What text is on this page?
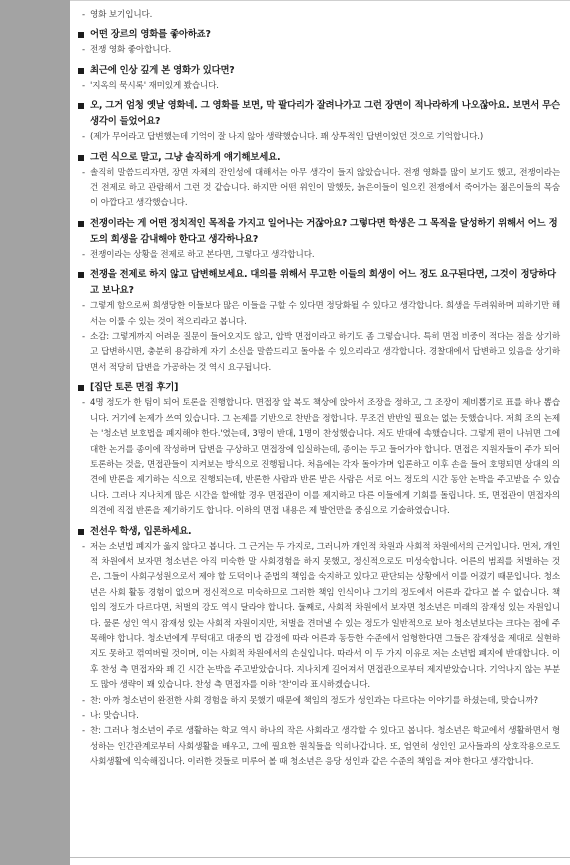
- 영화 보기입니다.
어떤 장르의 영화를 좋아하죠?
- 전쟁 영화 좋아합니다.
최근에 인상 깊게 본 영화가 있다면?
- '지옥의 묵시록' 재미있게 봤습니다.
오, 그거 엄청 옛날 영화네. 그 영화를 보면, 막 팔다리가 잘려나가고 그런 장면이 적나라하게 나오잖아요. 보면서 무슨 생각이 들었어요?
- (제가 무어라고 답변했는데 기억이 잘 나지 않아 생략했습니다. 꽤 상투적인 답변이었던 것으로 기억합니다.)
그런 식으로 말고, 그냥 솔직하게 얘기해보세요.
- 솔직히 말씀드리자면, 장면 자체의 잔인성에 대해서는 아무 생각이 들지 않았습니다. 전쟁 영화를 많이 보기도 했고, 전쟁이라는 건 전제로 하고 관람해서 그런 것 같습니다. 하지만 어떤 위인이 말했듯, 늙은이들이 일으킨 전쟁에서 죽어가는 젊은이들의 목숨이 아깝다고 생각했습니다.
전쟁이라는 게 어떤 정치적인 목적을 가지고 일어나는 거잖아요? 그렇다면 학생은 그 목적을 달성하기 위해서 어느 정도의 희생을 감내해야 한다고 생각하나요?
- 전쟁이라는 상황을 전제로 하고 본다면, 그렇다고 생각합니다.
전쟁을 전제로 하지 않고 답변해보세요. 대의를 위해서 무고한 이들의 희생이 어느 정도 요구된다면, 그것이 정당하다고 보나요?
- 그렇게 함으로써 희생당한 이들보다 많은 이들을 구할 수 있다면 정당화될 수 있다고 생각합니다. 희생을 두려워하며 피하기만 해서는 이룰 수 있는 것이 적으리라고 봅니다.
- 소감: 그렇게까지 어려운 질문이 들어오지도 않고, 압박 면접이라고 하기도 좀 그렇습니다. 특히 면접 비중이 적다는 점을 상기하고 답변하시면, 충분히 용감하게 자기 소신을 말씀드리고 돌아올 수 있으리라고 생각합니다. 경찰대에서 답변하고 있음을 상기하면서 적당히 답변을 가공하는 것 역시 요구됩니다.
[집단 토론 면접 후기]
- 4명 정도가 한 팀이 되어 토론을 진행합니다. 면접장 앞 복도 책상에 앉아서 조장을 정하고, 그 조장이 제비뽑기로 표를 하나 뽑습니다. 거기에 논제가 쓰여 있습니다. 그 논제를 기반으로 찬반을 정합니다. 무조건 반반일 필요는 없는 듯했습니다. 저희 조의 논제는 '청소년 보호법을 폐지해야 한다.'였는데, 3명이 반대, 1명이 찬성했습니다. 저도 반대에 속했습니다. 그렇게 편이 나뉘면 그에 대한 논거를 종이에 작성하며 답변을 구상하고 면접장에 입실하는데, 종이는 두고 들어가야 합니다. 면접은 지원자들이 주가 되어 토론하는 것을, 면접관들이 지켜보는 방식으로 진행됩니다. 처음에는 각자 돌아가며 입론하고 이후 손을 들어 호명되면 상대의 의견에 반론을 제기하는 식으로 진행되는데, 반론한 사람과 반론 받은 사람은 서로 어느 정도의 시간 동안 논박을 주고받을 수 있습니다. 그러나 지나치게 많은 시간을 할애할 경우 면접관이 이를 제지하고 다른 이들에게 기회를 돌립니다. 또, 면접관이 면접자의 의견에 직접 반론을 제기하기도 합니다. 이하의 면접 내용은 제 발언만을 중심으로 기술하였습니다.
전선우 학생, 입론하세요.
- 저는 소년법 폐지가 옳지 않다고 봅니다. 그 근거는 두 가지로, 그러니까 개인적 차원과 사회적 차원에서의 근거입니다. 먼저, 개인적 차원에서 보자면 청소년은 아직 미숙한 말 사회경험을 하지 못했고, 정신적으로도 미성숙합니다. 어른의 범죄를 처벌하는 것은, 그들이 사회구성원으로서 제야 할 도덕이나 준법의 책임을 숙지하고 있다고 판단되는 상황에서 이를 어겼기 때문입니다. 청소년은 사회 활동 경험이 없으며 정신적으로 미숙하므로 그러한 책임 인식이나 그기의 정도에서 어른과 같다고 볼 수 없습니다. 책임의 정도가 다르다면, 처벌의 강도 역시 달라야 합니다. 둘째로, 사회적 차원에서 보자면 청소년은 미래의 잠재성 있는 자원입니다. 물론 성인 역시 잠재성 있는 사회적 자원이지만, 처벌을 견뎌낼 수 있는 정도가 일반적으로 보아 청소년보다는 크다는 점에 주목해야 합니다. 청소년에게 무턱대고 대중의 법 감정에 따라 어른과 동등한 수준에서 엄형한다면 그들은 잠재성을 제대로 실현하지도 못하고 꺾여버릴 것이며, 이는 사회적 차원에서의 손실입니다. 따라서 이 두 가지 이유로 저는 소년법 폐지에 반대합니다. 이후 찬성 측 면접자와 꽤 긴 시간 논박을 주고받았습니다. 지나치게 길어져서 면접관으로부터 제지받았습니다. 기억나지 않는 부분도 많아 생략이 꽤 있습니다. 찬성 측 면접자를 이하 '찬'이라 표시하겠습니다.
- 찬: 아까 청소년이 완전한 사회 경험을 하지 못했기 때문에 책임의 정도가 성인과는 다르다는 이야기를 하셨는데, 맞습니까?
- 나: 맞습니다.
- 찬: 그러나 청소년이 주로 생활하는 학교 역시 하나의 작은 사회라고 생각할 수 있다고 봅니다. 청소년은 학교에서 생활하면서 형성하는 인간관계로부터 사회생활을 배우고, 그에 필요한 원칙들을 익히나갑니다. 또, 엄연히 성인인 교사들과의 상호작용으로도 사회생활에 익숙해집니다. 이러한 것들로 미루어 볼 때 청소년은 응당 성인과 같은 수준의 책임을 져야 한다고 생각합니다.
